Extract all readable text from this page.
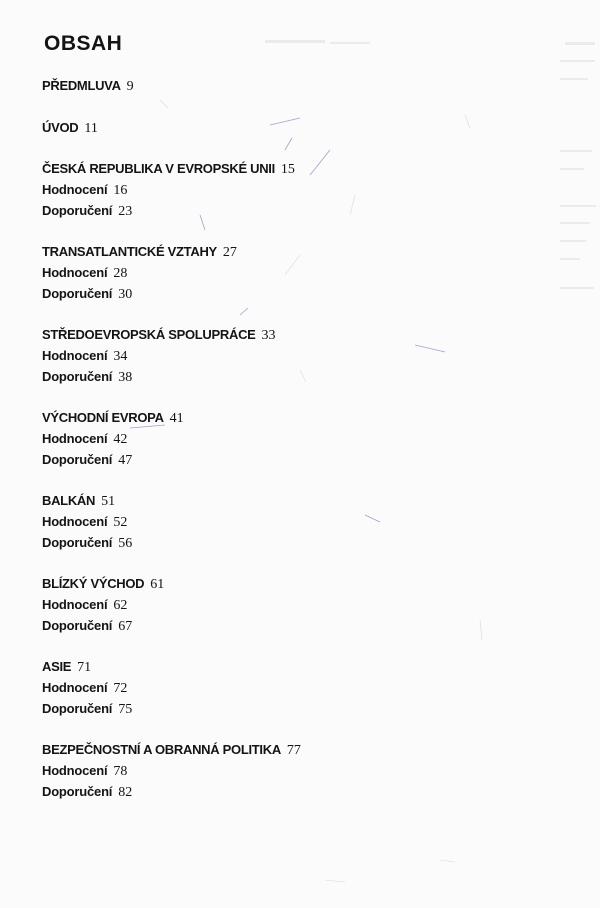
OBSAH
PŘEDMLUVA 9
ÚVOD 11
ČESKÁ REPUBLIKA V EVROPSKÉ UNII 15
Hodnocení 16
Doporučení 23
TRANSATLANTICKÉ VZTAHY 27
Hodnocení 28
Doporučení 30
STŘEDOEVROPSKÁ SPOLUPRÁCE 33
Hodnocení 34
Doporučení 38
VÝCHODNÍ EVROPA 41
Hodnocení 42
Doporučení 47
BALKÁN 51
Hodnocení 52
Doporučení 56
BLÍZKÝ VÝCHOD 61
Hodnocení 62
Doporučení 67
ASIE 71
Hodnocení 72
Doporučení 75
BEZPEČNOSTNÍ A OBRANNÁ POLITIKA 77
Hodnocení 78
Doporučení 82
